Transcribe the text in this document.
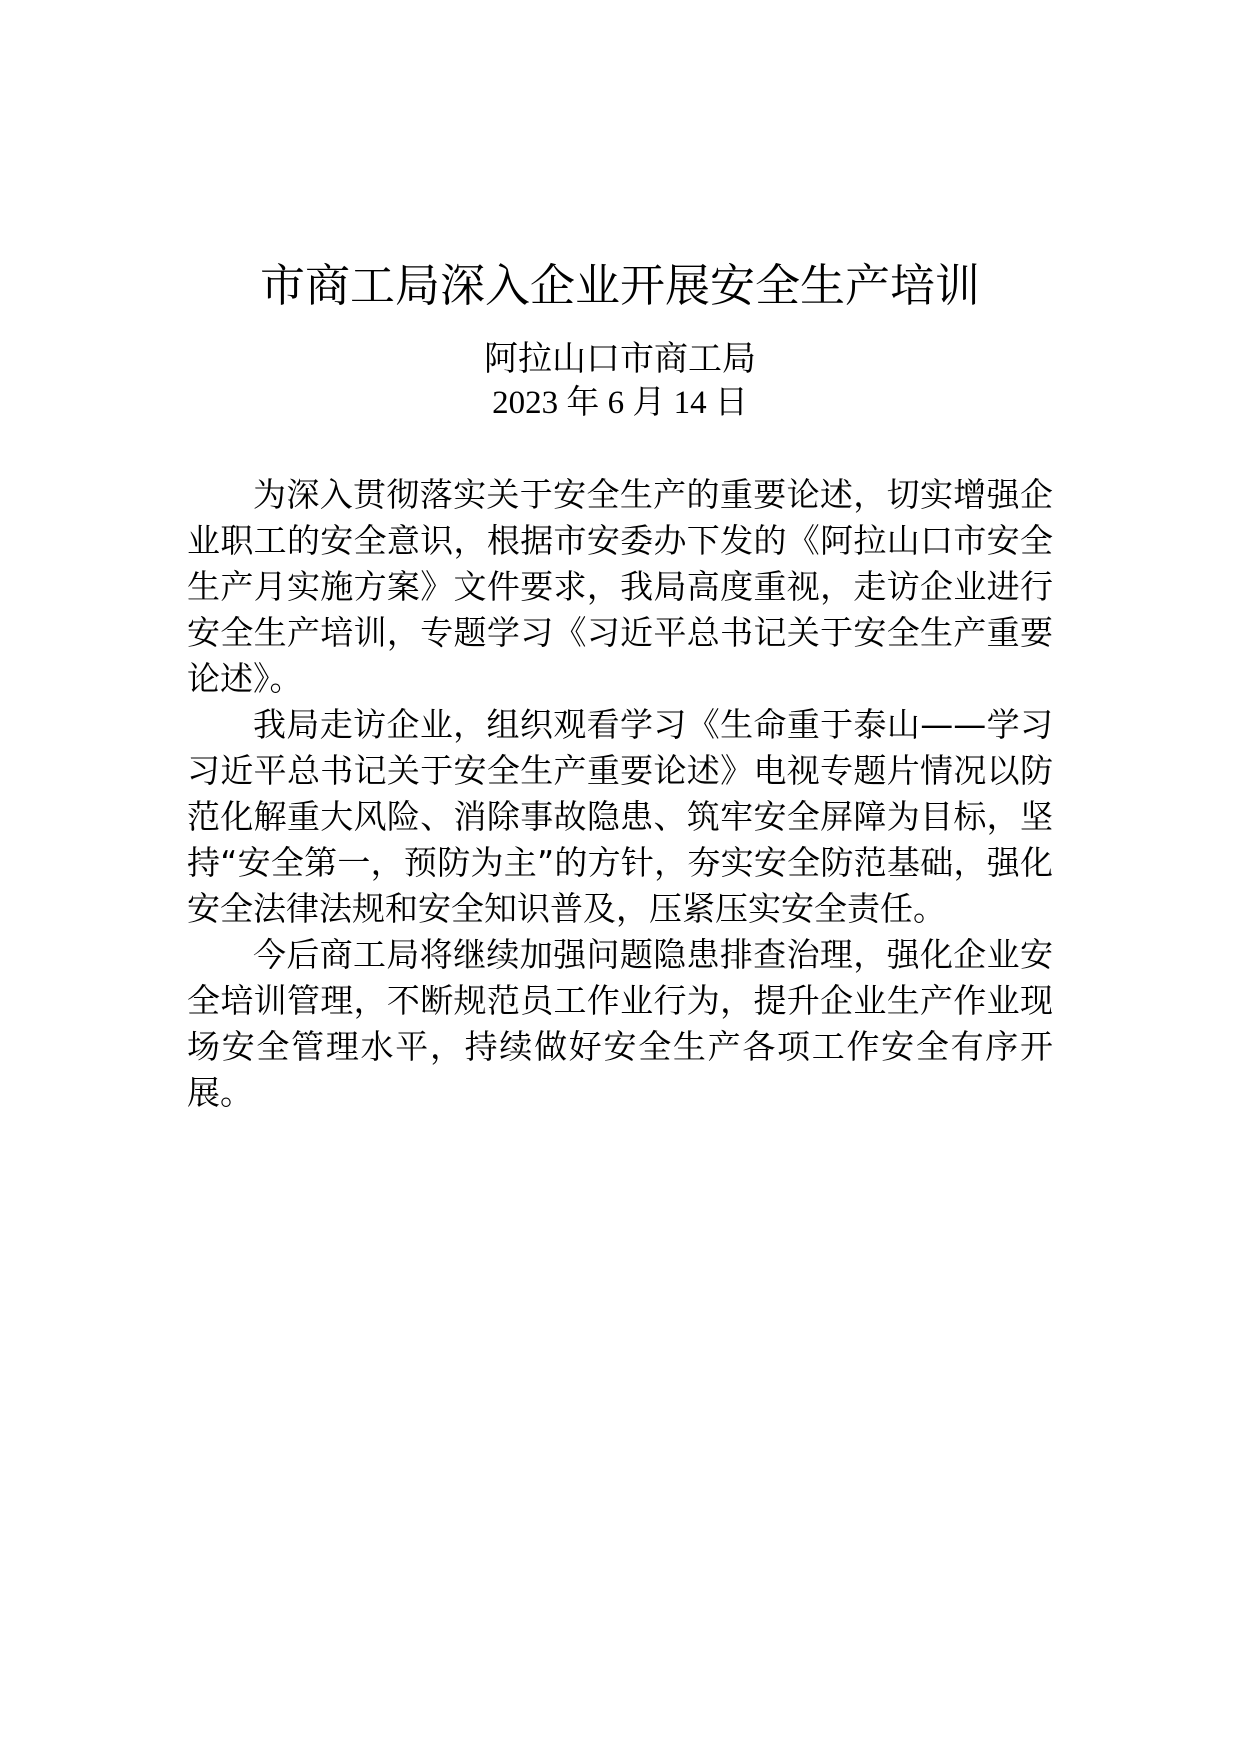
市商工局深入企业开展安全生产培训
阿拉山口市商工局
2023 年 6 月 14 日

为深入贯彻落实关于安全生产的重要论述，切实增强企业职工的安全意识，根据市安委办下发的《阿拉山口市安全生产月实施方案》文件要求，我局高度重视，走访企业进行安全生产培训，专题学习《习近平总书记关于安全生产重要论述》。

我局走访企业，组织观看学习《生命重于泰山——学习习近平总书记关于安全生产重要论述》电视专题片情况以防范化解重大风险、消除事故隐患、筑牢安全屏障为目标，坚持“安全第一，预防为主”的方针，夯实安全防范基础，强化安全法律法规和安全知识普及，压紧压实安全责任。

今后商工局将继续加强问题隐患排查治理，强化企业安全培训管理，不断规范员工作业行为，提升企业生产作业现场安全管理水平，持续做好安全生产各项工作安全有序开展。
